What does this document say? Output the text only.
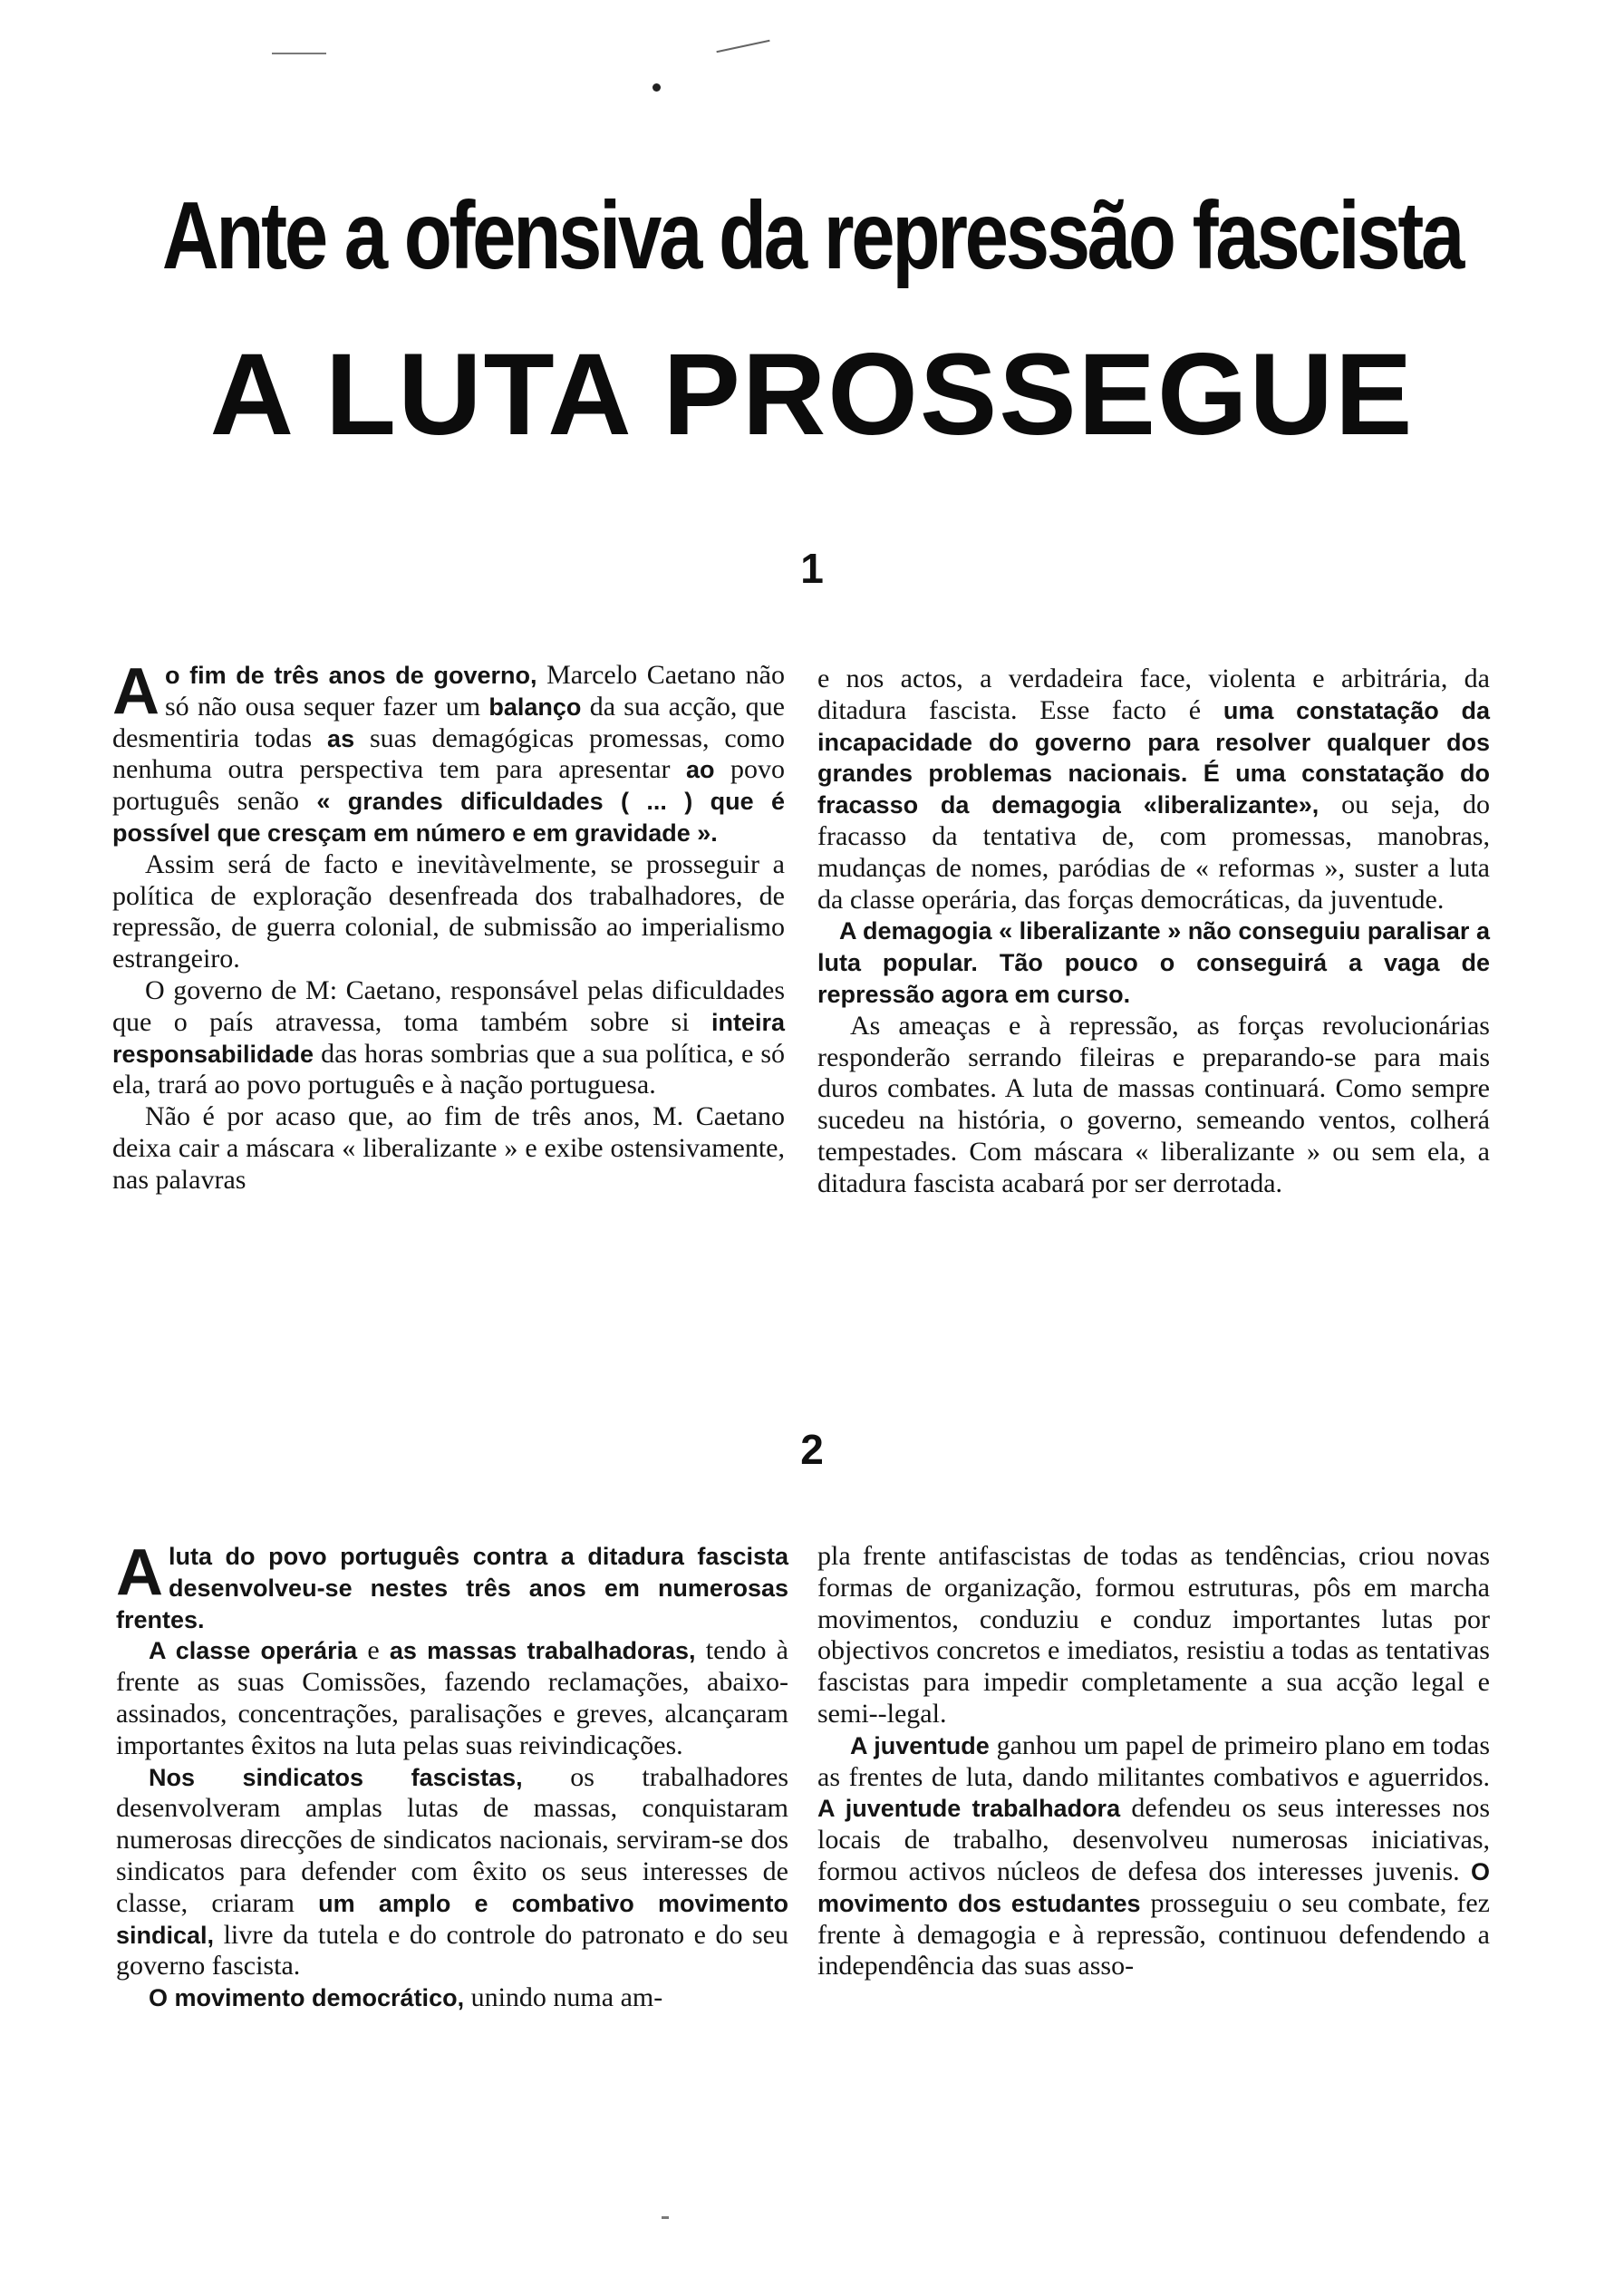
Ante a ofensiva da repressão fascista
A LUTA PROSSEGUE
1

Ao fim de três anos de governo, Marcelo Caetano não só não ousa sequer fazer um balanço da sua acção, que desmentiria todas as suas demagógicas promessas, como nenhuma outra perspectiva tem para apresentar ao povo português senão « grandes dificuldades ( ... ) que é possível que cresçam em número e em gravidade ».

Assim será de facto e inevitàvelmente, se prosseguir a política de exploração desenfreada dos trabalhadores, de repressão, de guerra colonial, de submissão ao imperialismo estrangeiro.

O governo de M: Caetano, responsável pelas dificuldades que o país atravessa, toma também sobre si inteira responsabilidade das horas sombrias que a sua política, e só ela, trará ao povo português e à nação portuguesa.

Não é por acaso que, ao fim de três anos, M. Caetano deixa cair a máscara « liberalizante » e exibe ostensivamente, nas palavras

e nos actos, a verdadeira face, violenta e arbitrária, da ditadura fascista. Esse facto é uma constatação da incapacidade do governo para resolver qualquer dos grandes problemas nacionais. É uma constatação do fracasso da demagogia «liberalizante», ou seja, do fracasso da tentativa de, com promessas, manobras, mudanças de nomes, paródias de « reformas », suster a luta da classe operária, das forças democráticas, da juventude.

A demagogia « liberalizante » não conseguiu paralisar a luta popular. Tão pouco o conseguirá a vaga de repressão agora em curso.

As ameaças e à repressão, as forças revolucionárias responderão serrando fileiras e preparando-se para mais duros combates. A luta de massas continuará. Como sempre sucedeu na história, o governo, semeando ventos, colherá tempestades. Com máscara « liberalizante » ou sem ela, a ditadura fascista acabará por ser derrotada.

2

Aluta do povo português contra a ditadura fascista desenvolveu-se nestes três anos em numerosas frentes.

A classe operária e as massas trabalhadoras, tendo à frente as suas Comissões, fazendo reclamações, abaixo-assinados, concentrações, paralisações e greves, alcançaram importantes êxitos na luta pelas suas reivindicações.

Nos sindicatos fascistas, os trabalhadores desenvolveram amplas lutas de massas, conquistaram numerosas direcções de sindicatos nacionais, serviram-se dos sindicatos para defender com êxito os seus interesses de classe, criaram um amplo e combativo movimento sindical, livre da tutela e do controle do patronato e do seu governo fascista.

O movimento democrático, unindo numa am-

pla frente antifascistas de todas as tendências, criou novas formas de organização, formou estruturas, pôs em marcha movimentos, conduziu e conduz importantes lutas por objectivos concretos e imediatos, resistiu a todas as tentativas fascistas para impedir completamente a sua acção legal e semi--legal.

A juventude ganhou um papel de primeiro plano em todas as frentes de luta, dando militantes combativos e aguerridos. A juventude trabalhadora defendeu os seus interesses nos locais de trabalho, desenvolveu numerosas iniciativas, formou activos núcleos de defesa dos interesses juvenis. O movimento dos estudantes prosseguiu o seu combate, fez frente à demagogia e à repressão, continuou defendendo a independência das suas asso-
